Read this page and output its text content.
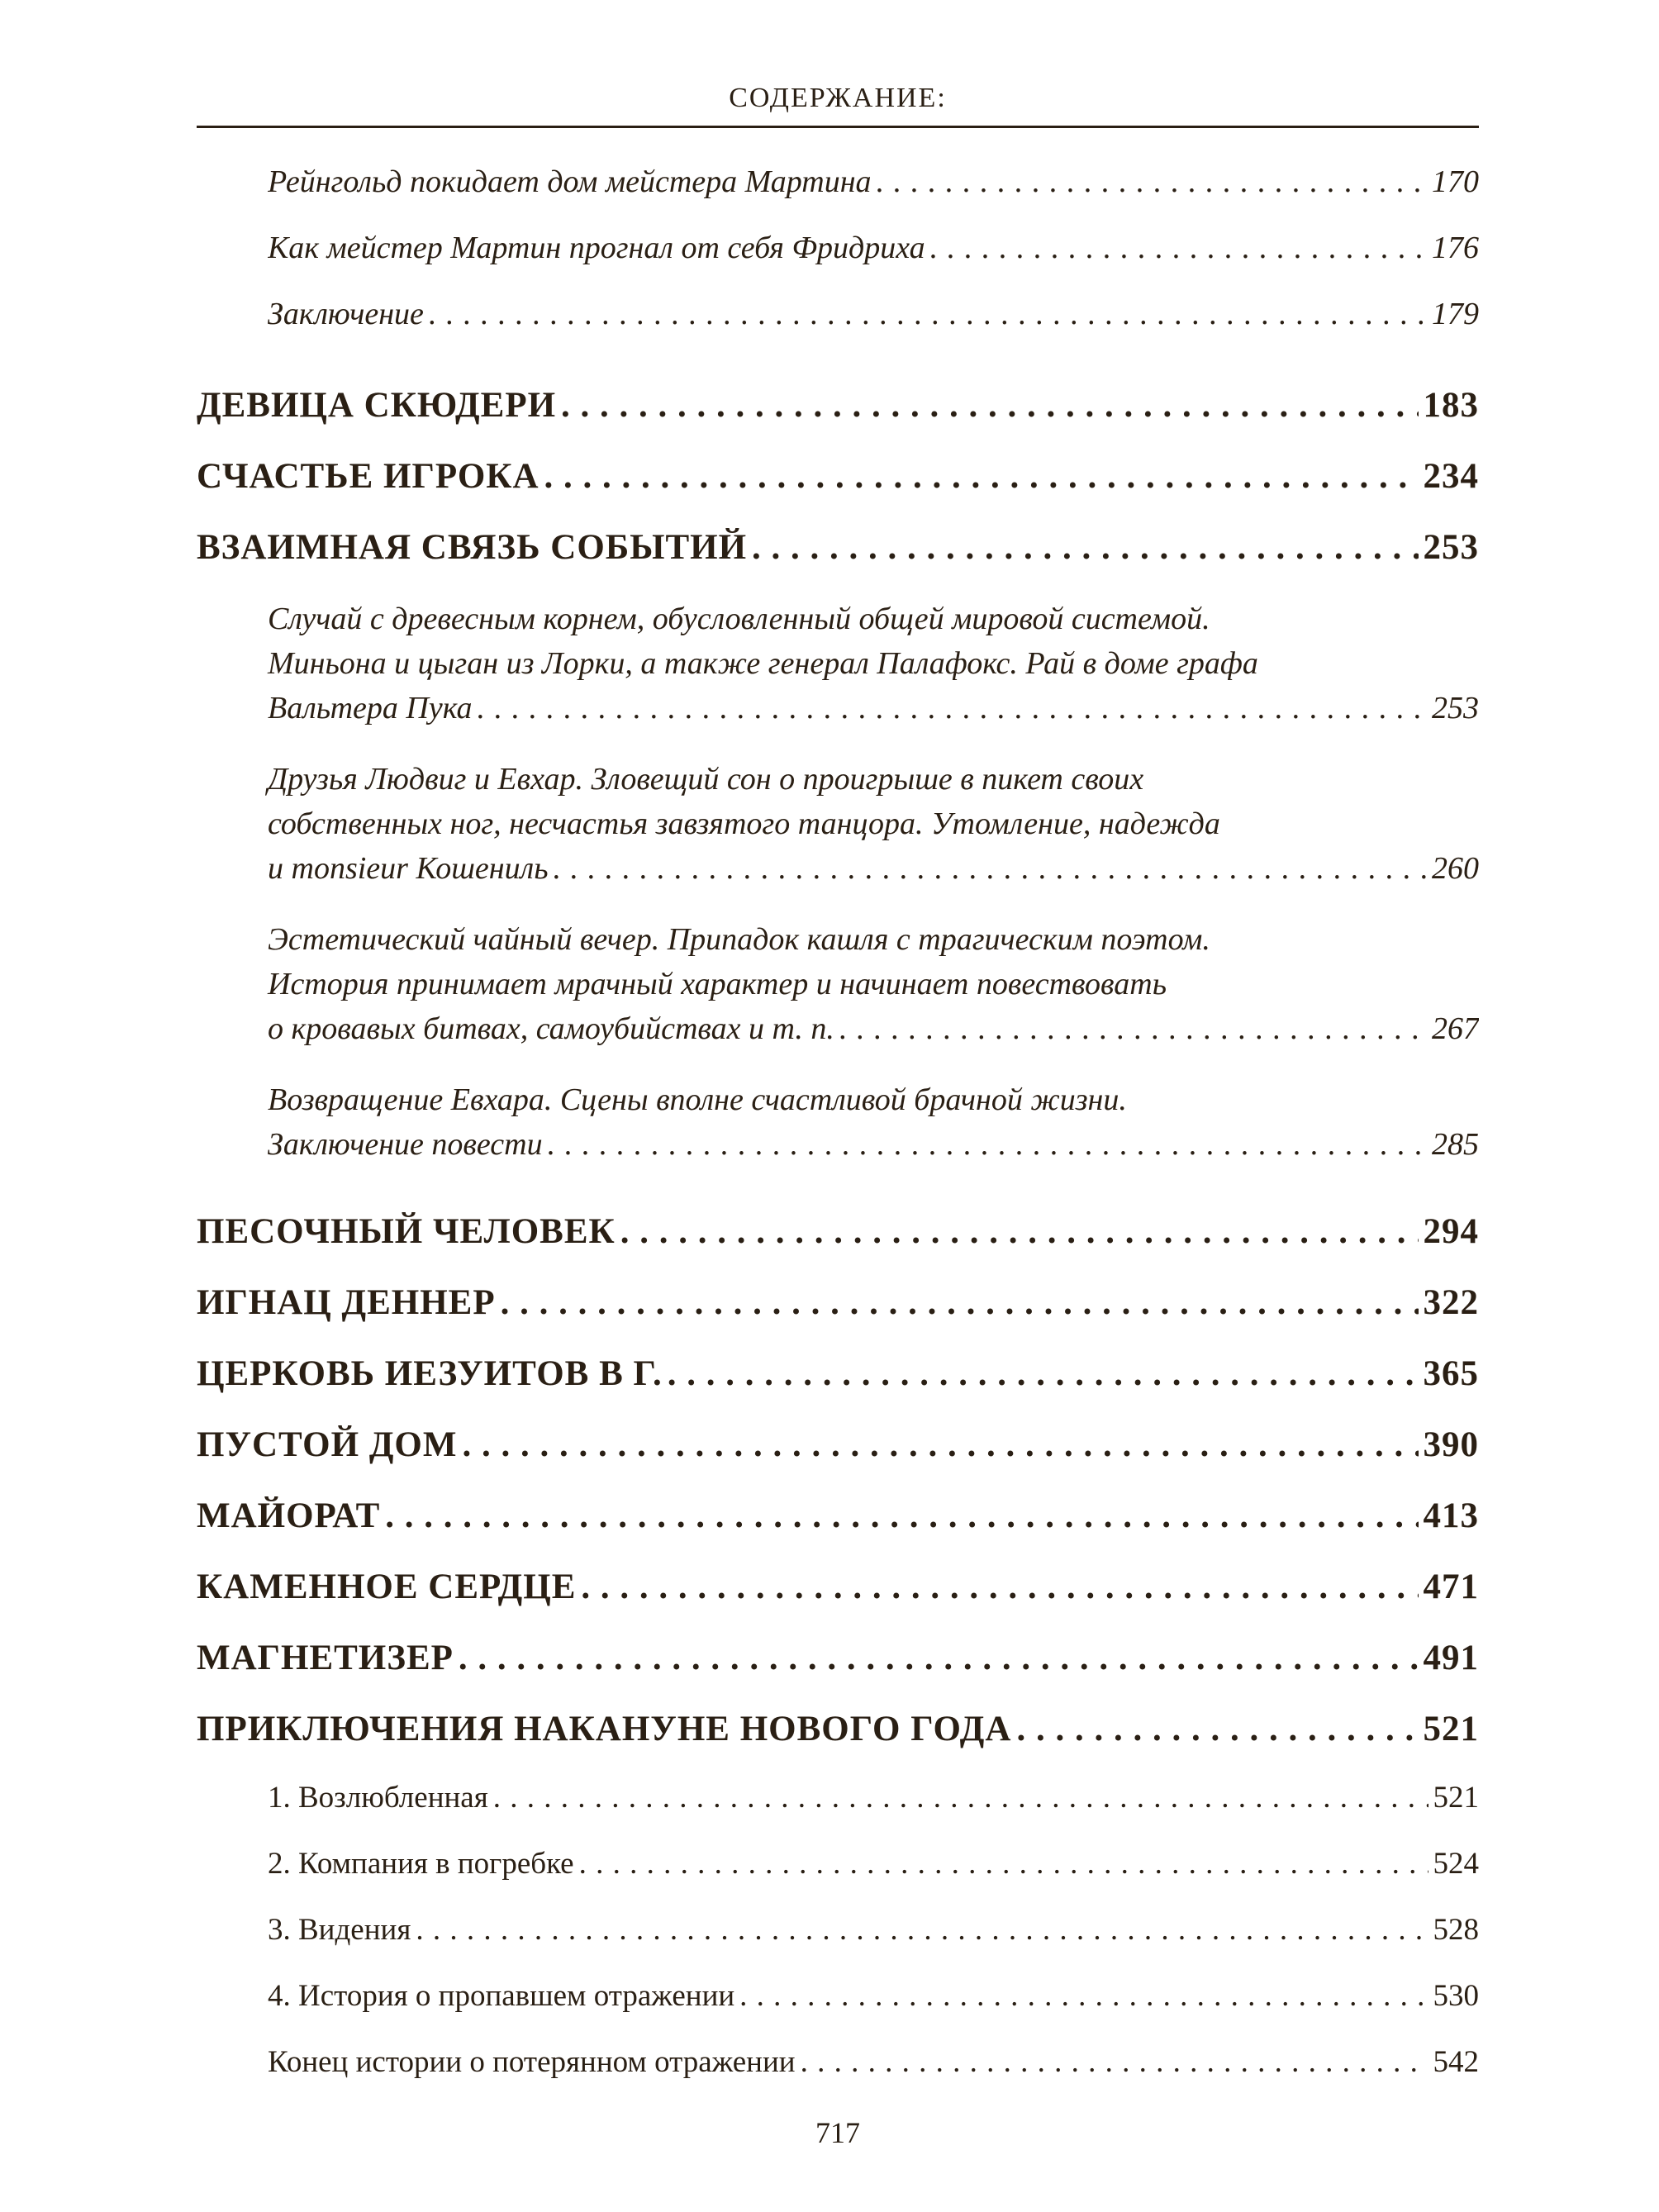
СОДЕРЖАНИЕ:
Рейнгольд покидает дом мейстера Мартина . . .	170
Как мейстер Мартин прогнал от себя Фридриха . . .	176
Заключение . . .	179
ДЕВИЦА СКЮДЕРИ . . .	183
СЧАСТЬЕ ИГРОКА . . .	234
ВЗАИМНАЯ СВЯЗЬ СОБЫТИЙ . . .	253
Случай с древесным корнем, обусловленный общей мировой системой.
Миньона и цыган из Лорки, а также генерал Палафокс. Рай в доме графа
Вальтера Пука . . .	253
Друзья Людвиг и Евхар. Зловещий сон о проигрыше в пикет своих
собственных ног, несчастья завзятого танцора. Утомление, надежда
и monsieur Кошениль . . .	260
Эстетический чайный вечер. Припадок кашля с трагическим поэтом.
История принимает мрачный характер и начинает повествовать
о кровавых битвах, самоубийствах и т. п. . . .	267
Возвращение Евхара. Сцены вполне счастливой брачной жизни.
Заключение повести . . .	285
ПЕСОЧНЫЙ ЧЕЛОВЕК . . .	294
ИГНАЦ ДЕННЕР . . .	322
ЦЕРКОВЬ ИЕЗУИТОВ В Г. . . .	365
ПУСТОЙ ДОМ . . .	390
МАЙОРАТ . . .	413
КАМЕННОЕ СЕРДЦЕ . . .	471
МАГНЕТИЗЕР . . .	491
ПРИКЛЮЧЕНИЯ НАКАНУНЕ НОВОГО ГОДА . . .	521
1. Возлюбленная . . .	521
2. Компания в погребке . . .	524
3. Видения . . .	528
4. История о пропавшем отражении . . .	530
Конец истории о потерянном отражении . . .	542
717
